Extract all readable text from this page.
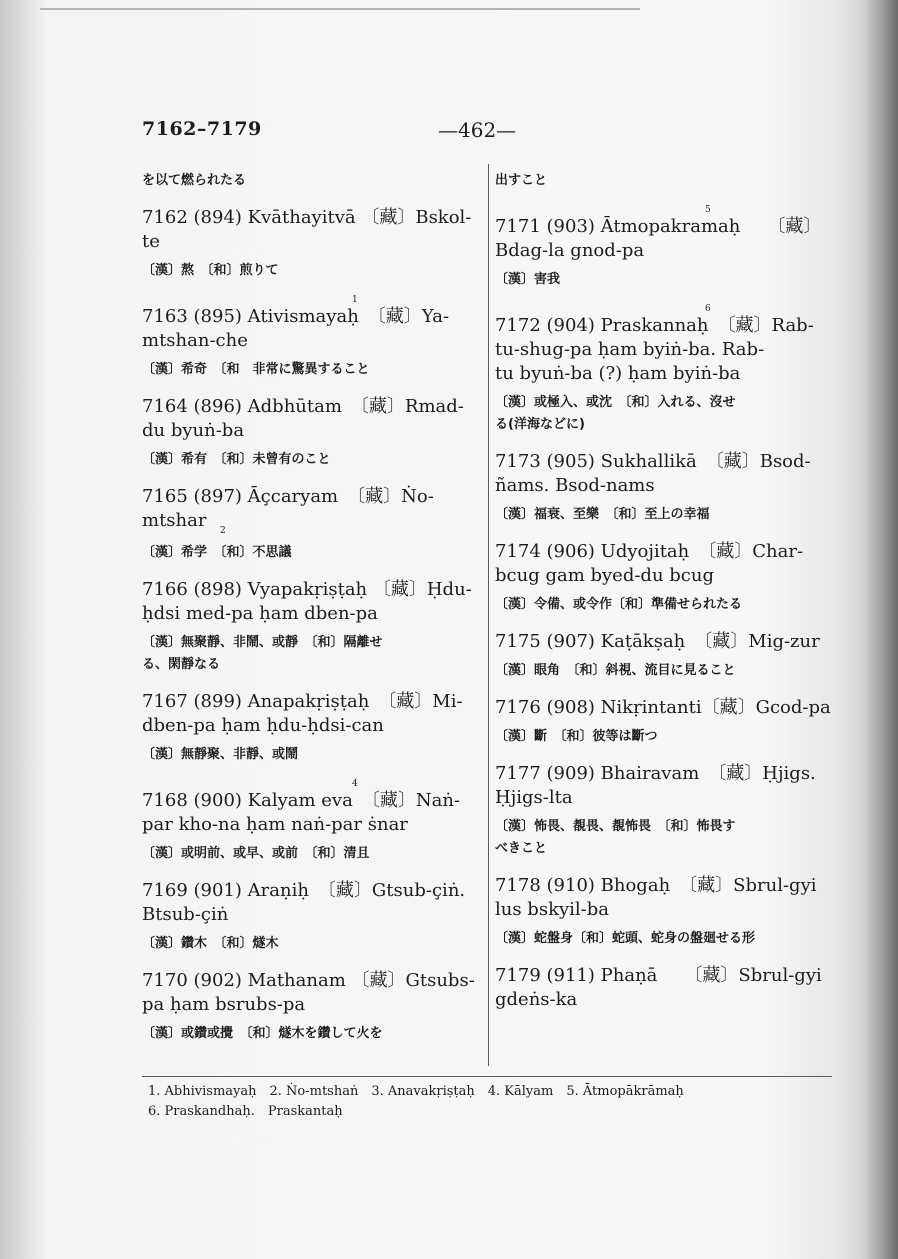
7162–7179	—462—
を以て燃られたる
7162 (894) Kvāthayitvā 〔藏〕Bskol-
te
〔漢〕熬　〔和〕煎りて
1
7163 (895) Ativismayaḥ　〔藏〕Ya-
mtshan-che
〔漢〕希奇　〔和　非常に驚異すること
7164 (896) Adbhūtam　〔藏〕Rmad-
du byuṅ-ba
〔漢〕希有　〔和〕未曾有のこと
7165 (897) Āçcaryam　〔藏〕Ṅo-
mtshar	2
〔漢〕希学　〔和〕不思議
7166 (898) Vyapakṛiṣṭaḥ 〔藏〕Ḥdu-
ḥdsi med-pa ḥam dben-pa
〔漢〕無聚靜、非鬧、或靜　〔和〕隔離せ
る、閑靜なる
7167 (899) Anapakṛiṣṭaḥ　〔藏〕Mi-
dben-pa ḥam ḥdu-ḥdsi-can
〔漢〕無靜聚、非靜、或鬧
4
7168 (900) Kalyam eva　〔藏〕Naṅ-
par kho-na ḥam naṅ-par ṡnar
〔漢〕或明前、或早、或前　〔和〕清且
7169 (901) Araṇiḥ　〔藏〕Gtsub-çiṅ.
Btsub-çiṅ
〔漢〕鑽木　〔和〕燧木
7170 (902) Mathanam 〔藏〕Gtsubs-
pa ḥam bsrubs-pa
〔漢〕或鑽或攪　〔和〕燧木を鑽して火を
出すこと
5
7171 (903) Ātmopakramaḥ　　〔藏〕
Bdag-la gnod-pa
〔漢〕害我
6
7172 (904) Praskannaḥ　〔藏〕Rab-
tu-shug-pa ḥam byiṅ-ba. Rab-
tu byuṅ-ba (?) ḥam byiṅ-ba
〔漢〕或極入、或沈　〔和〕入れる、沒せ
る(洋海などに)
7173 (905) Sukhallikā　〔藏〕Bsod-
ñams. Bsod-nams
〔漢〕福衰、至樂　〔和〕至上の幸福
7174 (906) Udyojitaḥ　〔藏〕Char-
bcug gam byed-du bcug
〔漢〕令備、或令作〔和〕準備せられたる
7175 (907) Kaṭākṣaḥ　〔藏〕Mig-zur
〔漢〕眼角　〔和〕斜視、流目に見ること
7176 (908) Nikṛintanti〔藏〕Gcod-pa
〔漢〕斷　〔和〕彼等は斷つ
7177 (909) Bhairavam　〔藏〕Ḥjigs.
Ḥjigs-lta
〔漢〕怖畏、覩畏、覩怖畏　〔和〕怖畏す
べきこと
7178 (910) Bhogaḥ　〔藏〕Sbrul-gyi
lus bskyil-ba
〔漢〕蛇盤身〔和〕蛇頭、蛇身の盤廻せる形
7179 (911) Phaṇā　　〔藏〕Sbrul-gyi
gdeṅs-ka
1. Abhivismayaḥ　2. Ṅo-mtshaṅ　3. Anavakṛiṣṭaḥ　4. Kālyam　5. Ātmopākrāmaḥ
6. Praskandhaḥ.　Praskantaḥ
